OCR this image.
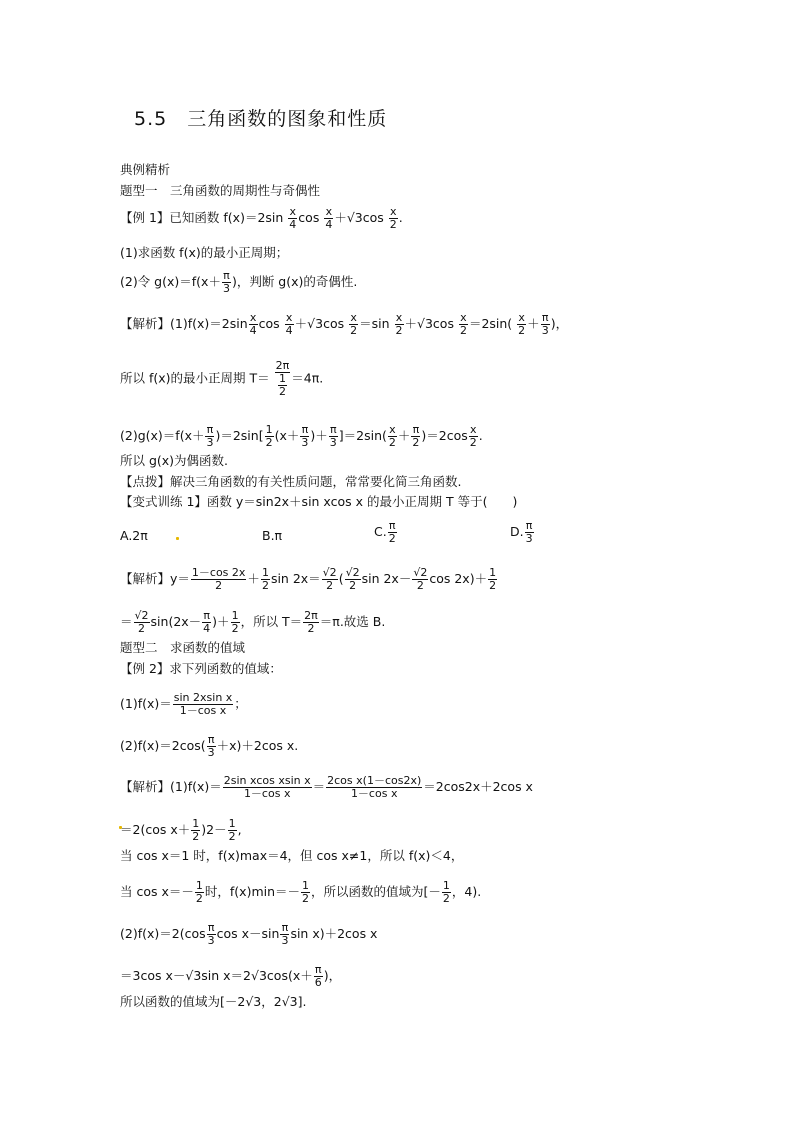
5.5　三角函数的图象和性质
典例精析
题型一　三角函数的周期性与奇偶性
【例 1】已知函数 $f(x)=2\sin \frac{x}{4}$ $\cos \frac{x}{4} +√3\cos \frac{x}{2}$ .
(1)求函数 f(x)的最小正周期；
(2)令 $g(x)=f(x+ \frac{\pi}{3}$ )，判断 g(x)的奇偶性.
【解析】$(1)f(x)=2\sin \frac{x}{4}$ $\cos \frac{x}{4} +√3\cos \frac{x}{2} =\sin \frac{x}{2} +√3\cos \frac{x}{2} =2\sin( \frac{x}{2} + \frac{\pi}{3}$ )，
所以 f(x)的最小正周期 $T= \frac{2\pi}{\frac{1}{2}} =4\pi$.
$(2)g(x)=f(x+ \frac{\pi}{3} )=2\sin[ \frac{1}{2} (x+ \frac{\pi}{3}$ )＋ $\frac{\pi}{3} ]=2\sin( \frac{x}{2} + \frac{\pi}{2} )=2\cos \frac{x}{2}$ .
所以 g(x)为偶函数.
【点拨】解决三角函数的有关性质问题，常常要化简三角函数.
【变式训练 1】函数 y＝sin2x＋sin xcos x 的最小正周期 T 等于(　　)
A.2π	B.π	C. $\frac{\pi}{2}$	D. $\frac{\pi}{3}$
【解析】$y= \frac{1-\cos 2x}{2} + \frac{1}{2}$ $\sin 2x= \frac{√2}{2}$ ( $\frac{√2}{2}$ $\sin 2x- \frac{√2}{2}$ $\cos 2x)+ \frac{1}{2}$
＝ $\frac{√2}{2} \sin(2x- \frac{\pi}{4}$ )＋ $\frac{1}{2}$ ，所以 $T= \frac{2\pi}{2} =\pi$.故选 B.
题型二　求函数的值域
【例 2】求下列函数的值域：
$(1)f(x)= \frac{\text{sin 2xsin x}}{\text{1－cos x}}$ ；
$(2)f(x)=2\cos( \frac{\pi}{3} +x)+2\cos$ x.
【解析】$(1)f(x)= \frac{\text{2sin xcos xsin x}}{\text{1－cos x}} = \frac{\text{2cos x(1－cos2x)}}{\text{1－cos x}} =2\cos 2x+2\cos$ x
＝2(cos $x+ \frac{1}{2} )2- \frac{1}{2}$ ,
当 cos x＝1 时，f(x)max＝4，但 cos x≠1，所以 f(x)＜4，
当 $\cos x=- \frac{1}{2}$ 时，$f(x)\min=- \frac{1}{2}$ ，所以函数的值域为[－ $\frac{1}{2}$ ，4).
$(2)f(x)=2(\cos \frac{\pi}{3}$ $\cos x-\sin \frac{\pi}{3}$ sin x)＋2cos x
＝3cos x－√3sin $x=2√3\cos(x+ \frac{\pi}{6}$ )，
所以函数的值域为[－2√3，2√3].
